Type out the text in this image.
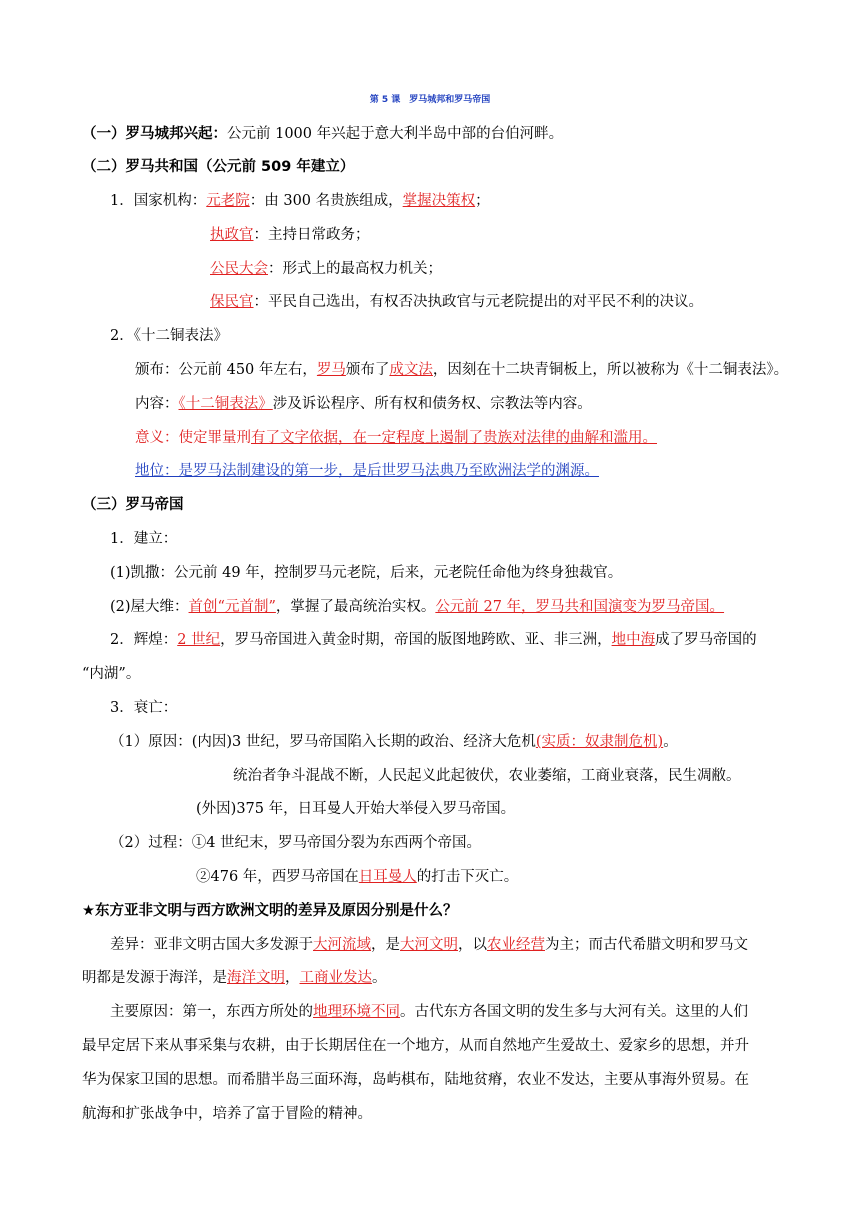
第 5 课　罗马城邦和罗马帝国
（一）罗马城邦兴起：公元前 1000 年兴起于意大利半岛中部的台伯河畔。
（二）罗马共和国（公元前 509 年建立）
1．国家机构：元老院：由 300 名贵族组成，掌握决策权；
执政官：主持日常政务；
公民大会：形式上的最高权力机关；
保民官：平民自己选出，有权否决执政官与元老院提出的对平民不利的决议。
2．《十二铜表法》
颁布：公元前 450 年左右，罗马颁布了成文法，因刻在十二块青铜板上，所以被称为《十二铜表法》。
内容：《十二铜表法》涉及诉讼程序、所有权和债务权、宗教法等内容。
意义：使定罪量刑有了文字依据，在一定程度上遏制了贵族对法律的曲解和滥用。
地位：是罗马法制建设的第一步，是后世罗马法典乃至欧洲法学的渊源。
（三）罗马帝国
1．建立：
(1)凯撒：公元前 49 年，控制罗马元老院，后来，元老院任命他为终身独裁官。
(2)屋大维：首创“元首制”，掌握了最高统治实权。公元前 27 年，罗马共和国演变为罗马帝国。
2．辉煌：2 世纪，罗马帝国进入黄金时期，帝国的版图地跨欧、亚、非三洲，地中海成了罗马帝国的
“内湖”。
3．衰亡：
（1）原因：(内因)3 世纪，罗马帝国陷入长期的政治、经济大危机(实质：奴隶制危机)。
统治者争斗混战不断，人民起义此起彼伏，农业萎缩，工商业衰落，民生凋敝。
(外因)375 年，日耳曼人开始大举侵入罗马帝国。
（2）过程：①4 世纪末，罗马帝国分裂为东西两个帝国。
②476 年，西罗马帝国在日耳曼人的打击下灭亡。
★东方亚非文明与西方欧洲文明的差异及原因分别是什么？
差异：亚非文明古国大多发源于大河流域，是大河文明，以农业经营为主；而古代希腊文明和罗马文
明都是发源于海洋，是海洋文明，工商业发达。
主要原因：第一，东西方所处的地理环境不同。古代东方各国文明的发生多与大河有关。这里的人们
最早定居下来从事采集与农耕，由于长期居住在一个地方，从而自然地产生爱故土、爱家乡的思想，并升
华为保家卫国的思想。而希腊半岛三面环海，岛屿棋布，陆地贫瘠，农业不发达，主要从事海外贸易。在
航海和扩张战争中，培养了富于冒险的精神。
